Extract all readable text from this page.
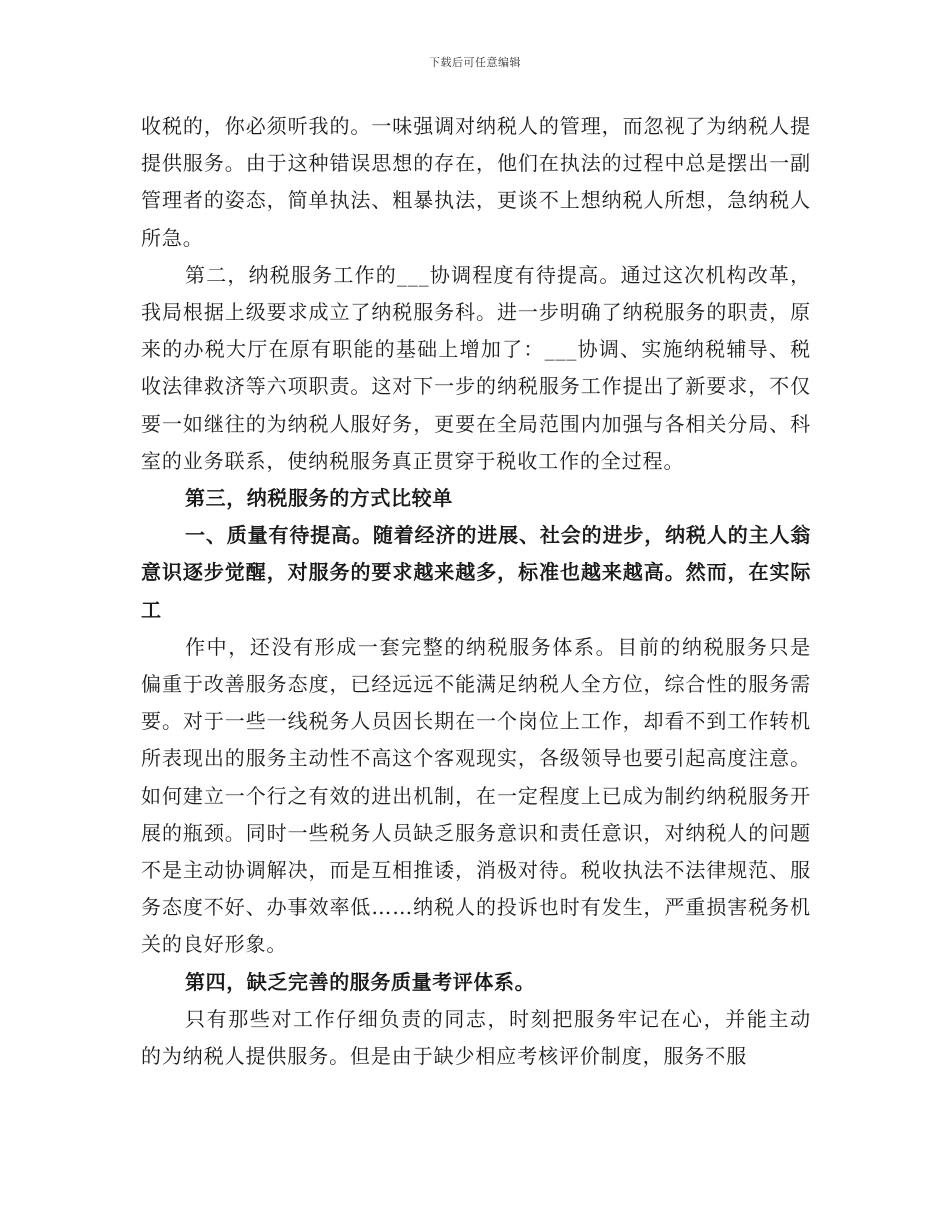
下载后可任意编辑

收税的，你必须听我的。一味强调对纳税人的管理，而忽视了为纳税人提提供服务。由于这种错误思想的存在，他们在执法的过程中总是摆出一副管理者的姿态，简单执法、粗暴执法，更谈不上想纳税人所想，急纳税人所急。

第二，纳税服务工作的___协调程度有待提高。通过这次机构改革，我局根据上级要求成立了纳税服务科。进一步明确了纳税服务的职责，原来的办税大厅在原有职能的基础上增加了：___协调、实施纳税辅导、税收法律救济等六项职责。这对下一步的纳税服务工作提出了新要求，不仅要一如继往的为纳税人服好务，更要在全局范围内加强与各相关分局、科室的业务联系，使纳税服务真正贯穿于税收工作的全过程。

第三，纳税服务的方式比较单

一、质量有待提高。随着经济的进展、社会的进步，纳税人的主人翁意识逐步觉醒，对服务的要求越来越多，标准也越来越高。然而，在实际工

作中，还没有形成一套完整的纳税服务体系。目前的纳税服务只是偏重于改善服务态度，已经远远不能满足纳税人全方位，综合性的服务需要。对于一些一线税务人员因长期在一个岗位上工作，却看不到工作转机所表现出的服务主动性不高这个客观现实，各级领导也要引起高度注意。如何建立一个行之有效的进出机制，在一定程度上已成为制约纳税服务开展的瓶颈。同时一些税务人员缺乏服务意识和责任意识，对纳税人的问题不是主动协调解决，而是互相推诿，消极对待。税收执法不法律规范、服务态度不好、办事效率低……纳税人的投诉也时有发生，严重损害税务机关的良好形象。

第四，缺乏完善的服务质量考评体系。

只有那些对工作仔细负责的同志，时刻把服务牢记在心，并能主动的为纳税人提供服务。但是由于缺少相应考核评价制度，服务不服
